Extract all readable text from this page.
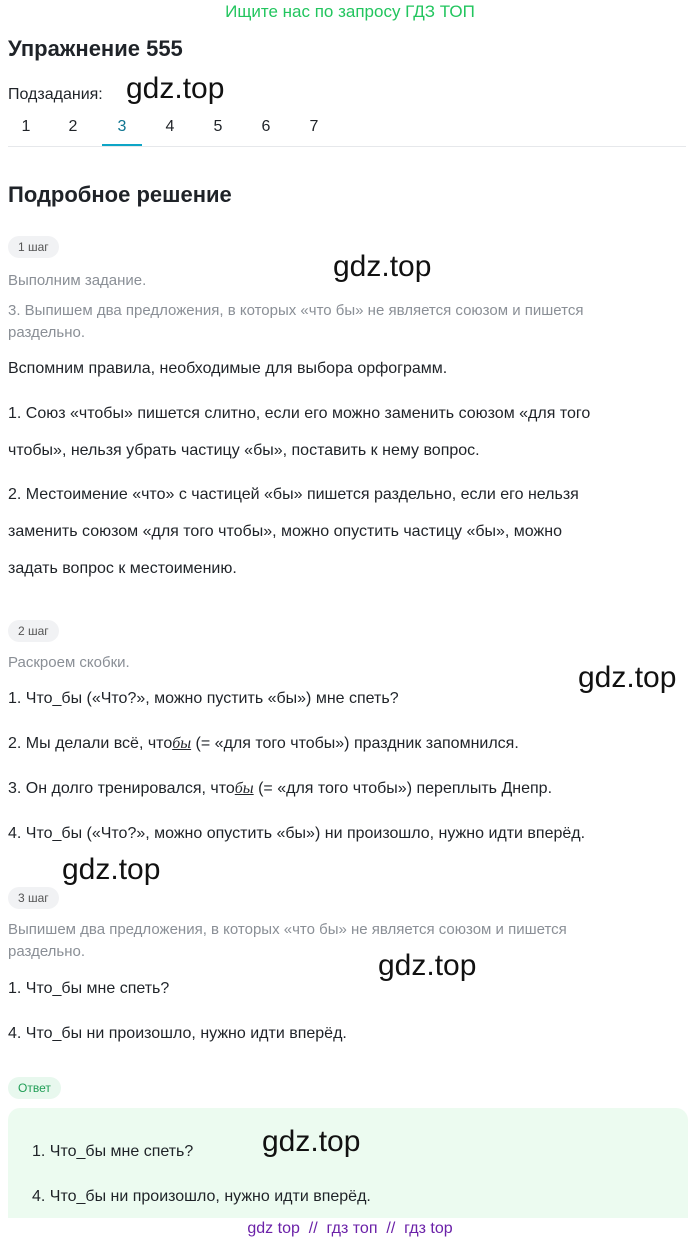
Ищите нас по запросу ГДЗ ТОП
Упражнение 555
Подзадания: gdz.top
1	2	3	4	5	6	7
Подробное решение
1 шаг
gdz.top
Выполним задание.
3. Выпишем два предложения, в которых «что бы» не является союзом и пишется
раздельно.
Вспомним правила, необходимые для выбора орфограмм.
1. Союз «чтобы» пишется слитно, если его можно заменить союзом «для того
чтобы», нельзя убрать частицу «бы», поставить к нему вопрос.
2. Местоимение «что» с частицей «бы» пишется раздельно, если его нельзя
заменить союзом «для того чтобы», можно опустить частицу «бы», можно
задать вопрос к местоимению.
2 шаг
Раскроем скобки.	gdz.top
1. Что_бы («Что?», можно пустить «бы») мне спеть?
2. Мы делали всё, чтобы (= «для того чтобы») праздник запомнился.
3. Он долго тренировался, чтобы (= «для того чтобы») переплыть Днепр.
4. Что_бы («Что?», можно опустить «бы») ни произошло, нужно идти вперёд.
gdz.top
3 шаг
Выпишем два предложения, в которых «что бы» не является союзом и пишется
раздельно.	gdz.top
1. Что_бы мне спеть?
4. Что_бы ни произошло, нужно идти вперёд.
Ответ
1. Что_бы мне спеть? gdz.top
4. Что_бы ни произошло, нужно идти вперёд.
gdz top  //  гдз топ  //  гдз top
